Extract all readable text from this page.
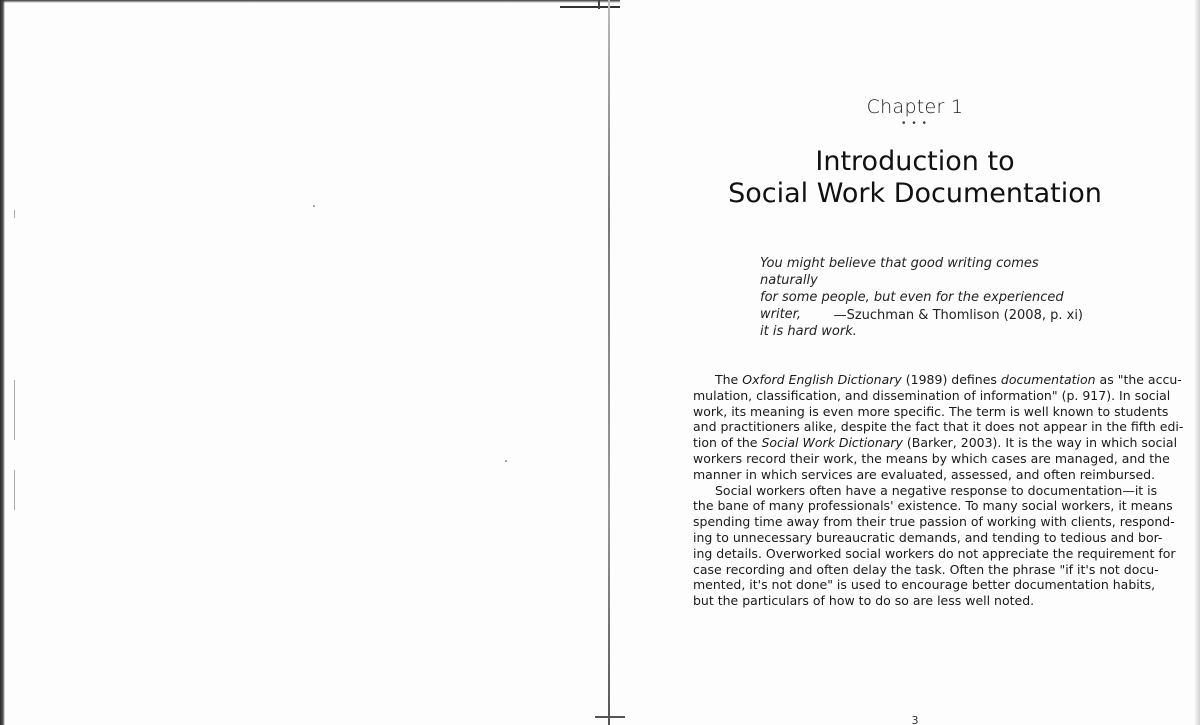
Chapter 1
• • •
Introduction to
Social Work Documentation
You might believe that good writing comes naturally
for some people, but even for the experienced writer,
it is hard work.
—Szuchman & Thomlison (2008, p. xi)
The Oxford English Dictionary (1989) defines documentation as "the accu-
mulation, classification, and dissemination of information" (p. 917). In social
work, its meaning is even more specific. The term is well known to students
and practitioners alike, despite the fact that it does not appear in the fifth edi-
tion of the Social Work Dictionary (Barker, 2003). It is the way in which social
workers record their work, the means by which cases are managed, and the
manner in which services are evaluated, assessed, and often reimbursed.
Social workers often have a negative response to documentation—it is
the bane of many professionals' existence. To many social workers, it means
spending time away from their true passion of working with clients, respond-
ing to unnecessary bureaucratic demands, and tending to tedious and bor-
ing details. Overworked social workers do not appreciate the requirement for
case recording and often delay the task. Often the phrase "if it's not docu-
mented, it's not done" is used to encourage better documentation habits,
but the particulars of how to do so are less well noted.
3
